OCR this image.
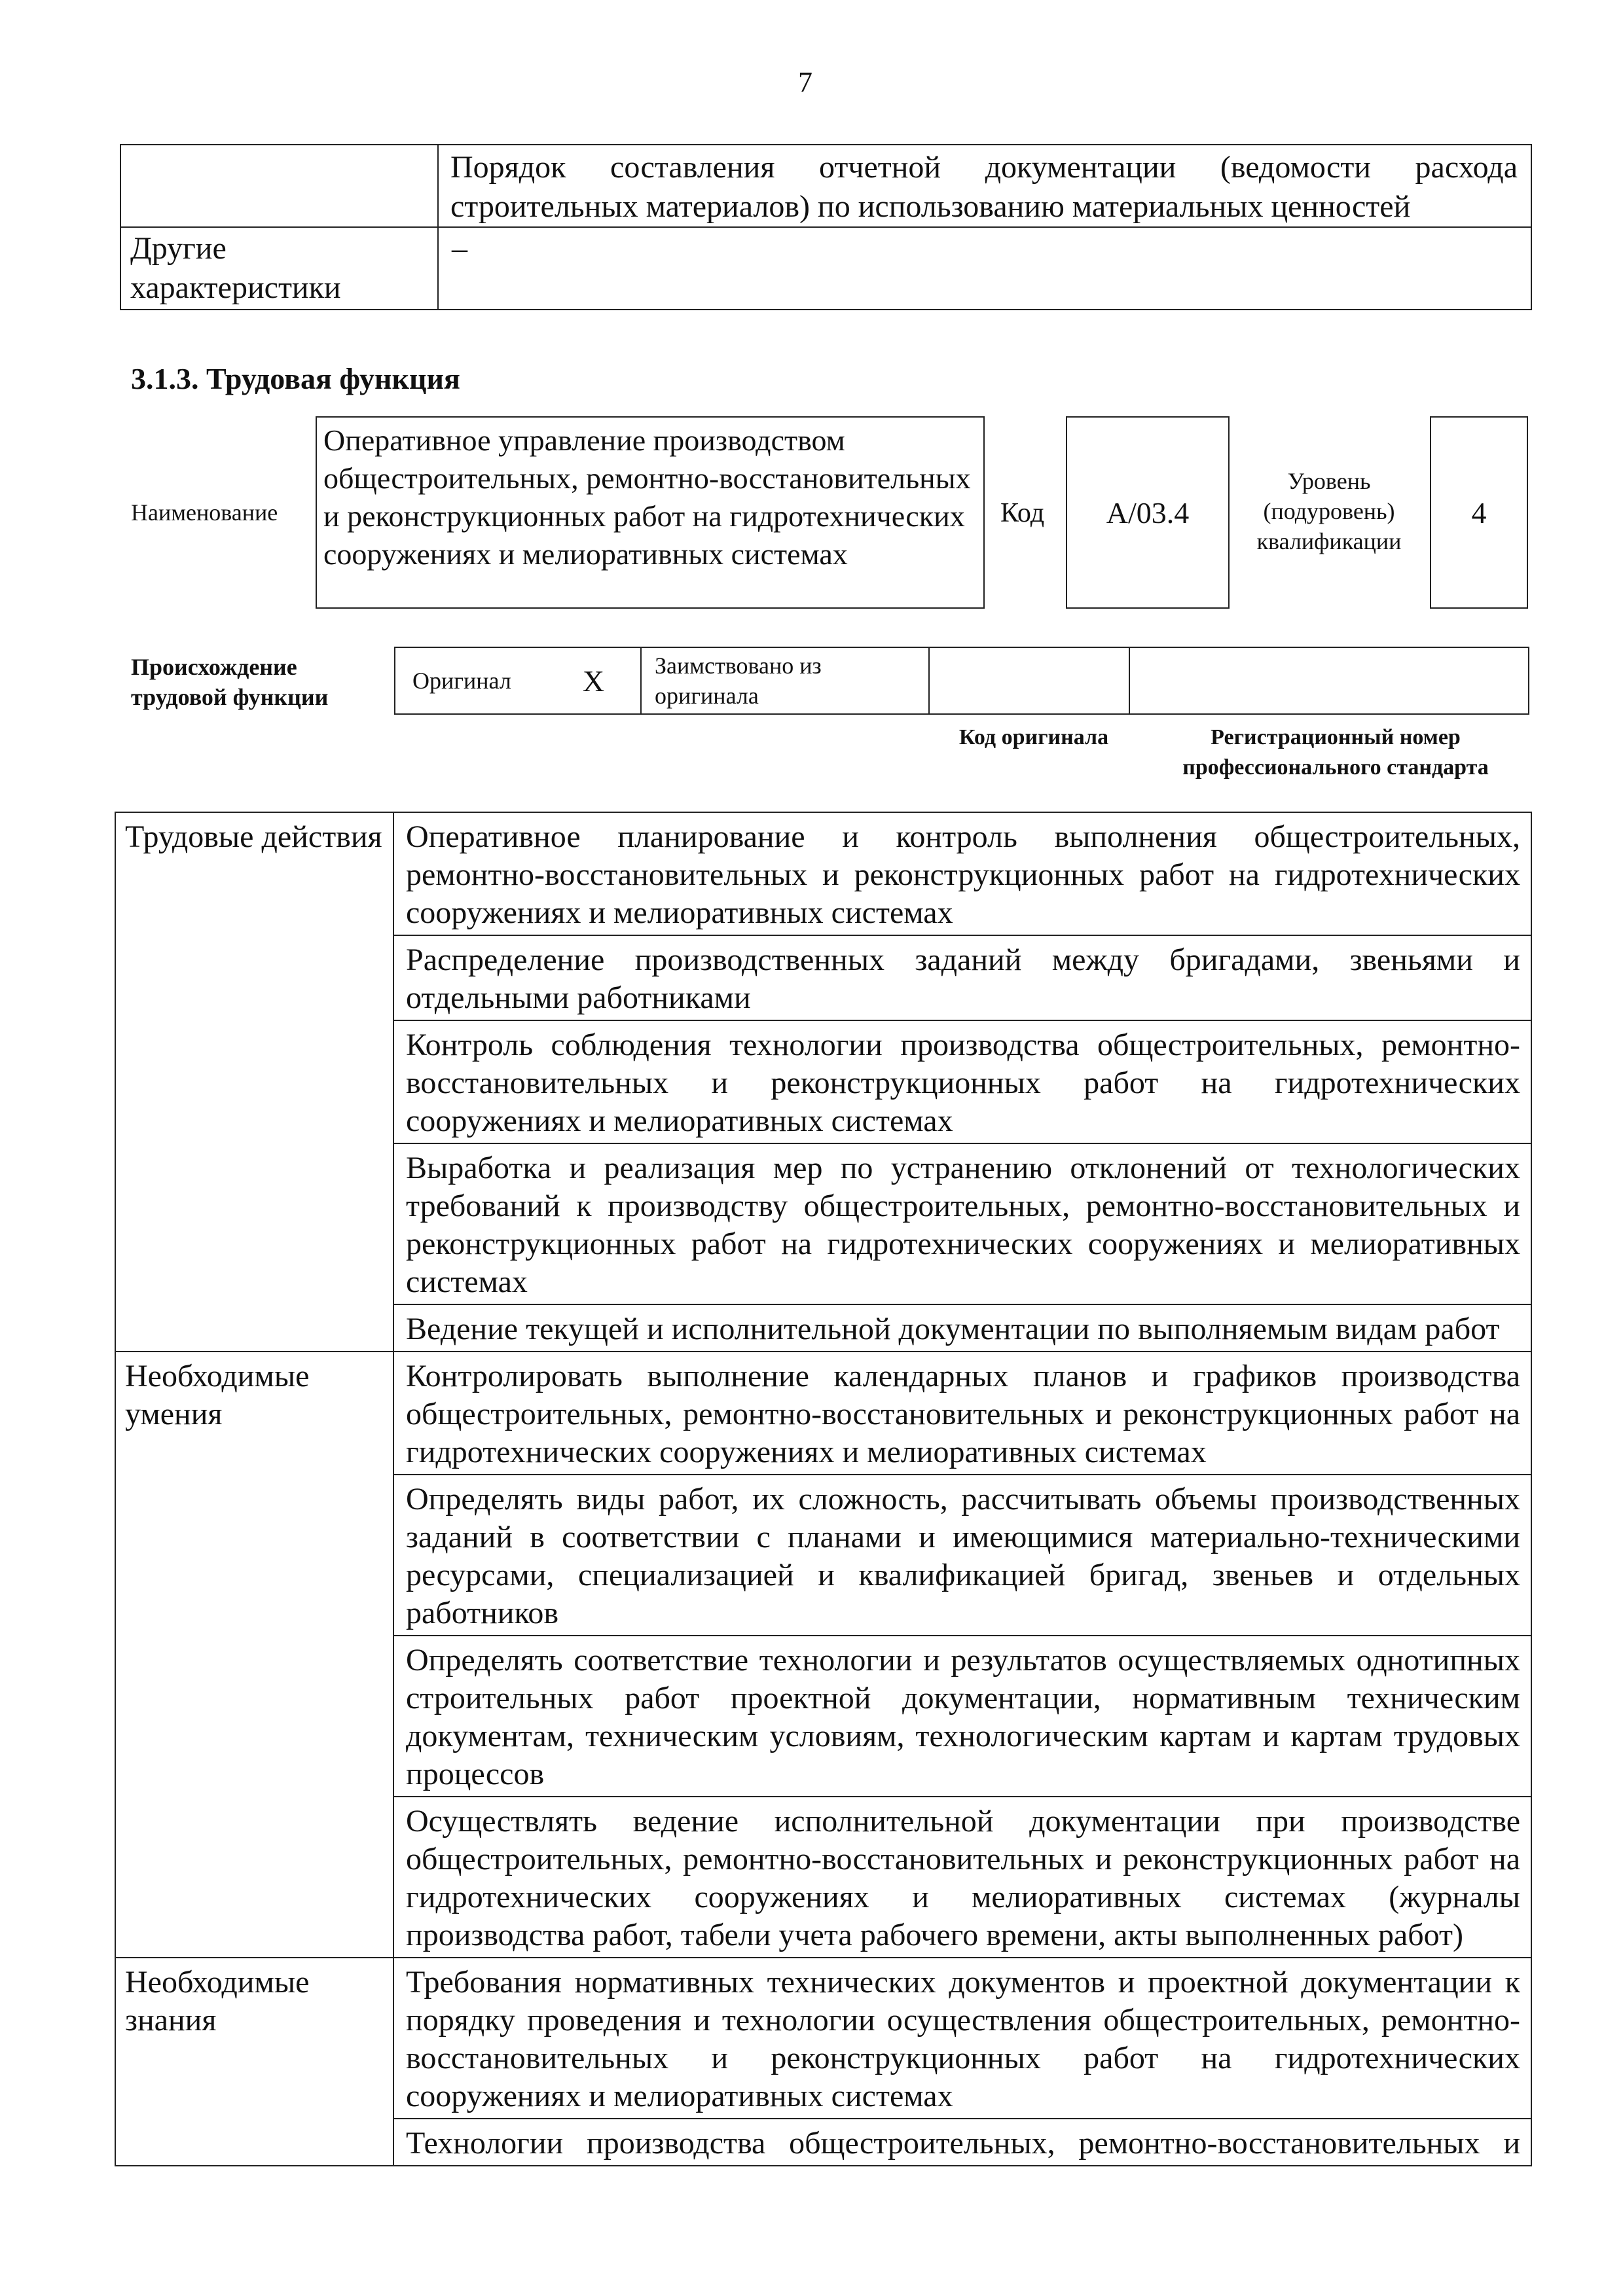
7
	Порядок составления отчетной документации (ведомости расхода строительных материалов) по использованию материальных ценностей
Другие характеристики	–
3.1.3. Трудовая функция
Наименование
Оперативное управление производством общестроительных, ремонтно-восстановительных и реконструкционных работ на гидротехнических сооружениях и мелиоративных системах
Код	А/03.4
Уровень (подуровень) квалификации
4
Происхождение трудовой функции
Оригинал	X	Заимствовано из оригинала		
Код оригинала	Регистрационный номер профессионального стандарта
Трудовые действия	Оперативное планирование и контроль выполнения общестроительных, ремонтно-восстановительных и реконструкционных работ на гидротехнических сооружениях и мелиоративных системах
	Распределение производственных заданий между бригадами, звеньями и отдельными работниками
	Контроль соблюдения технологии производства общестроительных, ремонтно-восстановительных и реконструкционных работ на гидротехнических сооружениях и мелиоративных системах
	Выработка и реализация мер по устранению отклонений от технологических требований к производству общестроительных, ремонтно-восстановительных и реконструкционных работ на гидротехнических сооружениях и мелиоративных системах
	Ведение текущей и исполнительной документации по выполняемым видам работ
Необходимые умения	Контролировать выполнение календарных планов и графиков производства общестроительных, ремонтно-восстановительных и реконструкционных работ на гидротехнических сооружениях и мелиоративных системах
	Определять виды работ, их сложность, рассчитывать объемы производственных заданий в соответствии с планами и имеющимися материально-техническими ресурсами, специализацией и квалификацией бригад, звеньев и отдельных работников
	Определять соответствие технологии и результатов осуществляемых однотипных строительных работ проектной документации, нормативным техническим документам, техническим условиям, технологическим картам и картам трудовых процессов
	Осуществлять ведение исполнительной документации при производстве общестроительных, ремонтно-восстановительных и реконструкционных работ на гидротехнических сооружениях и мелиоративных системах (журналы производства работ, табели учета рабочего времени, акты выполненных работ)
Необходимые знания	Требования нормативных технических документов и проектной документации к порядку проведения и технологии осуществления общестроительных, ремонтно-восстановительных и реконструкционных работ на гидротехнических сооружениях и мелиоративных системах
	Технологии производства общестроительных, ремонтно-восстановительных и
